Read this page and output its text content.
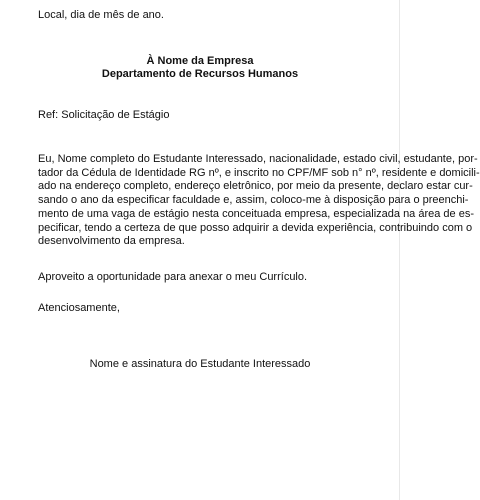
Local, dia de mês de ano.
À Nome da Empresa
Departamento de Recursos Humanos
Ref: Solicitação de Estágio
Eu, Nome completo do Estudante Interessado, nacionalidade, estado civil, estudante, por-
tador da Cédula de Identidade RG nº, e inscrito no CPF/MF sob n° nº, residente e domicili-
ado na endereço completo, endereço eletrônico, por meio da presente, declaro estar cur-
sando o ano da especificar faculdade e, assim, coloco-me à disposição para o preenchi-
mento de uma vaga de estágio nesta conceituada empresa, especializada na área de es-
pecificar, tendo a certeza de que posso adquirir a devida experiência, contribuindo com o
desenvolvimento da empresa.
Aproveito a oportunidade para anexar o meu Currículo.
Atenciosamente,
Nome e assinatura do Estudante Interessado
